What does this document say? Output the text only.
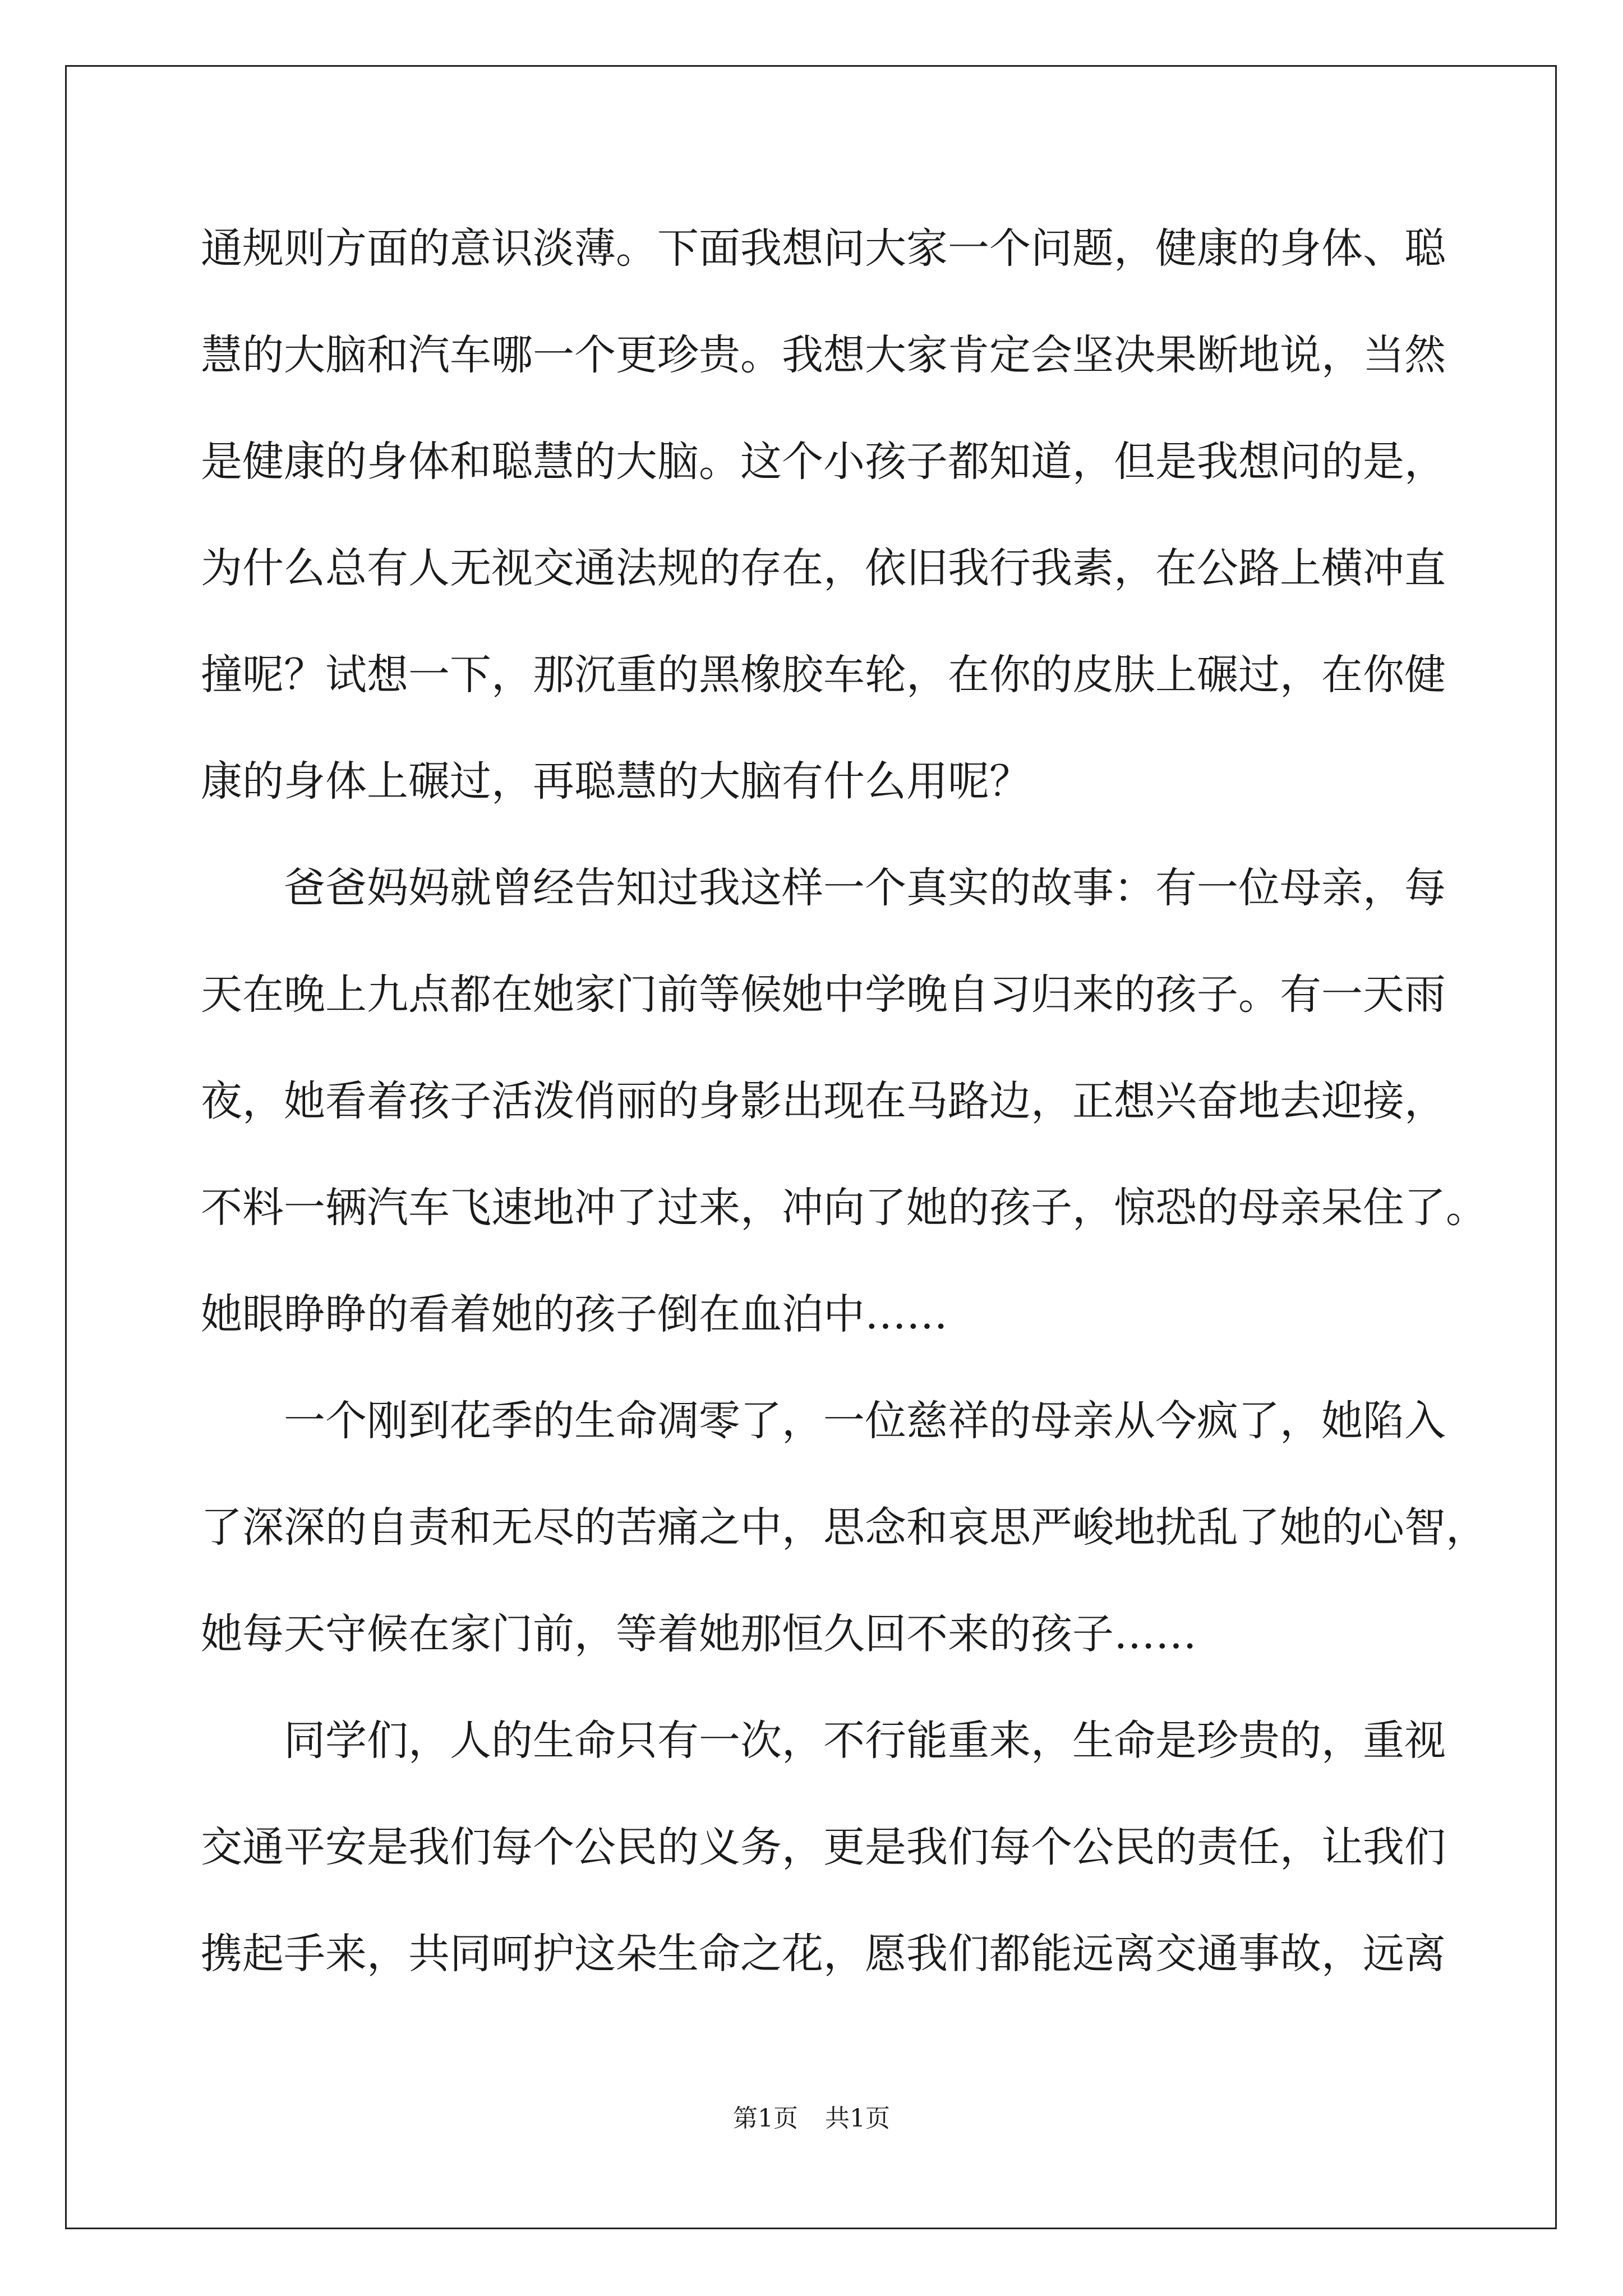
通规则方面的意识淡薄。下面我想问大家一个问题，健康的身体、聪
慧的大脑和汽车哪一个更珍贵。我想大家肯定会坚决果断地说，当然
是健康的身体和聪慧的大脑。这个小孩子都知道，但是我想问的是，
为什么总有人无视交通法规的存在，依旧我行我素，在公路上横冲直
撞呢？试想一下，那沉重的黑橡胶车轮，在你的皮肤上碾过，在你健
康的身体上碾过，再聪慧的大脑有什么用呢？
爸爸妈妈就曾经告知过我这样一个真实的故事：有一位母亲，每
天在晚上九点都在她家门前等候她中学晚自习归来的孩子。有一天雨
夜，她看着孩子活泼俏丽的身影出现在马路边，正想兴奋地去迎接，
不料一辆汽车飞速地冲了过来，冲向了她的孩子，惊恐的母亲呆住了。
她眼睁睁的看着她的孩子倒在血泊中……
一个刚到花季的生命凋零了，一位慈祥的母亲从今疯了，她陷入
了深深的自责和无尽的苦痛之中，思念和哀思严峻地扰乱了她的心智，
她每天守候在家门前，等着她那恒久回不来的孩子……
同学们，人的生命只有一次，不行能重来，生命是珍贵的，重视
交通平安是我们每个公民的义务，更是我们每个公民的责任，让我们
携起手来，共同呵护这朵生命之花，愿我们都能远离交通事故，远离
第1页 共1页
